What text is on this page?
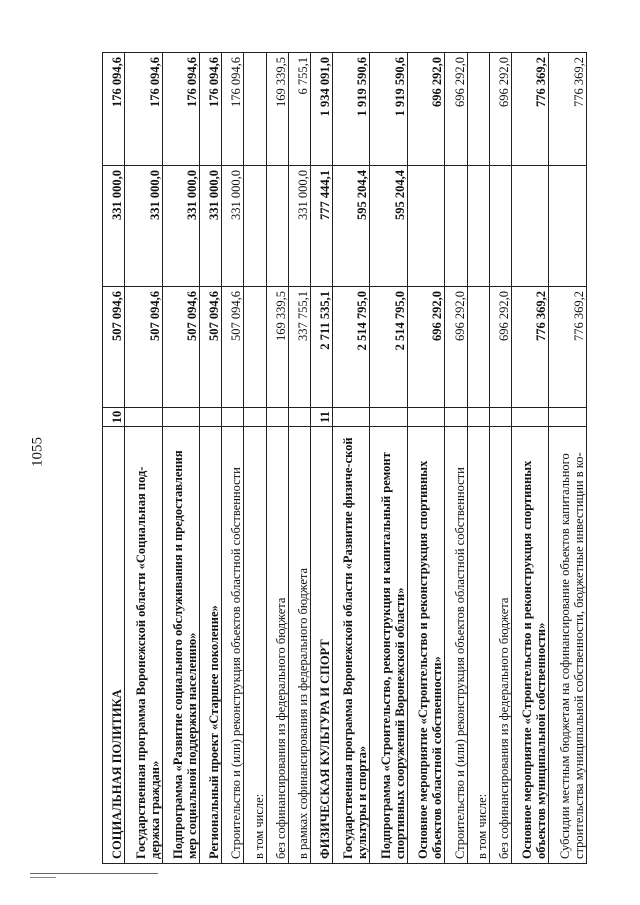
1055
СОЦИАЛЬНАЯ ПОЛИТИКА	10	507 094,6	331 000,0	176 094,6
Государственная программа Воронежской области «Социальная под-держка граждан»		507 094,6	331 000,0	176 094,6
Подпрограмма «Развитие социального обслуживания и предоставления мер социальной поддержки населению»		507 094,6	331 000,0	176 094,6
Региональный проект «Старшее поколение»		507 094,6	331 000,0	176 094,6
Строительство и (или) реконструкция объектов областной собственности		507 094,6	331 000,0	176 094,6
в том числе:				
без софинансирования из федерального бюджета		169 339,5		169 339,5
в рамках софинансирования из федерального бюджета		337 755,1	331 000,0	6 755,1
ФИЗИЧЕСКАЯ КУЛЬТУРА И СПОРТ	11	2 711 535,1	777 444,1	1 934 091,0
Государственная программа Воронежской области «Развитие физиче-ской культуры и спорта»		2 514 795,0	595 204,4	1 919 590,6
Подпрограмма «Строительство, реконструкция и капитальный ремонт спортивных сооружений Воронежской области»		2 514 795,0	595 204,4	1 919 590,6
Основное мероприятие «Строительство и реконструкция спортивных объектов областной собственности»		696 292,0		696 292,0
Строительство и (или) реконструкция объектов областной собственности		696 292,0		696 292,0
в том числе:				
без софинансирования из федерального бюджета		696 292,0		696 292,0
Основное мероприятие «Строительство и реконструкция спортивных объектов муниципальной собственности»		776 369,2		776 369,2
Субсидии местным бюджетам на софинансирование объектов капитального строительства муниципальной собственности, бюджетные инвестиции в ко-		776 369,2		776 369,2
